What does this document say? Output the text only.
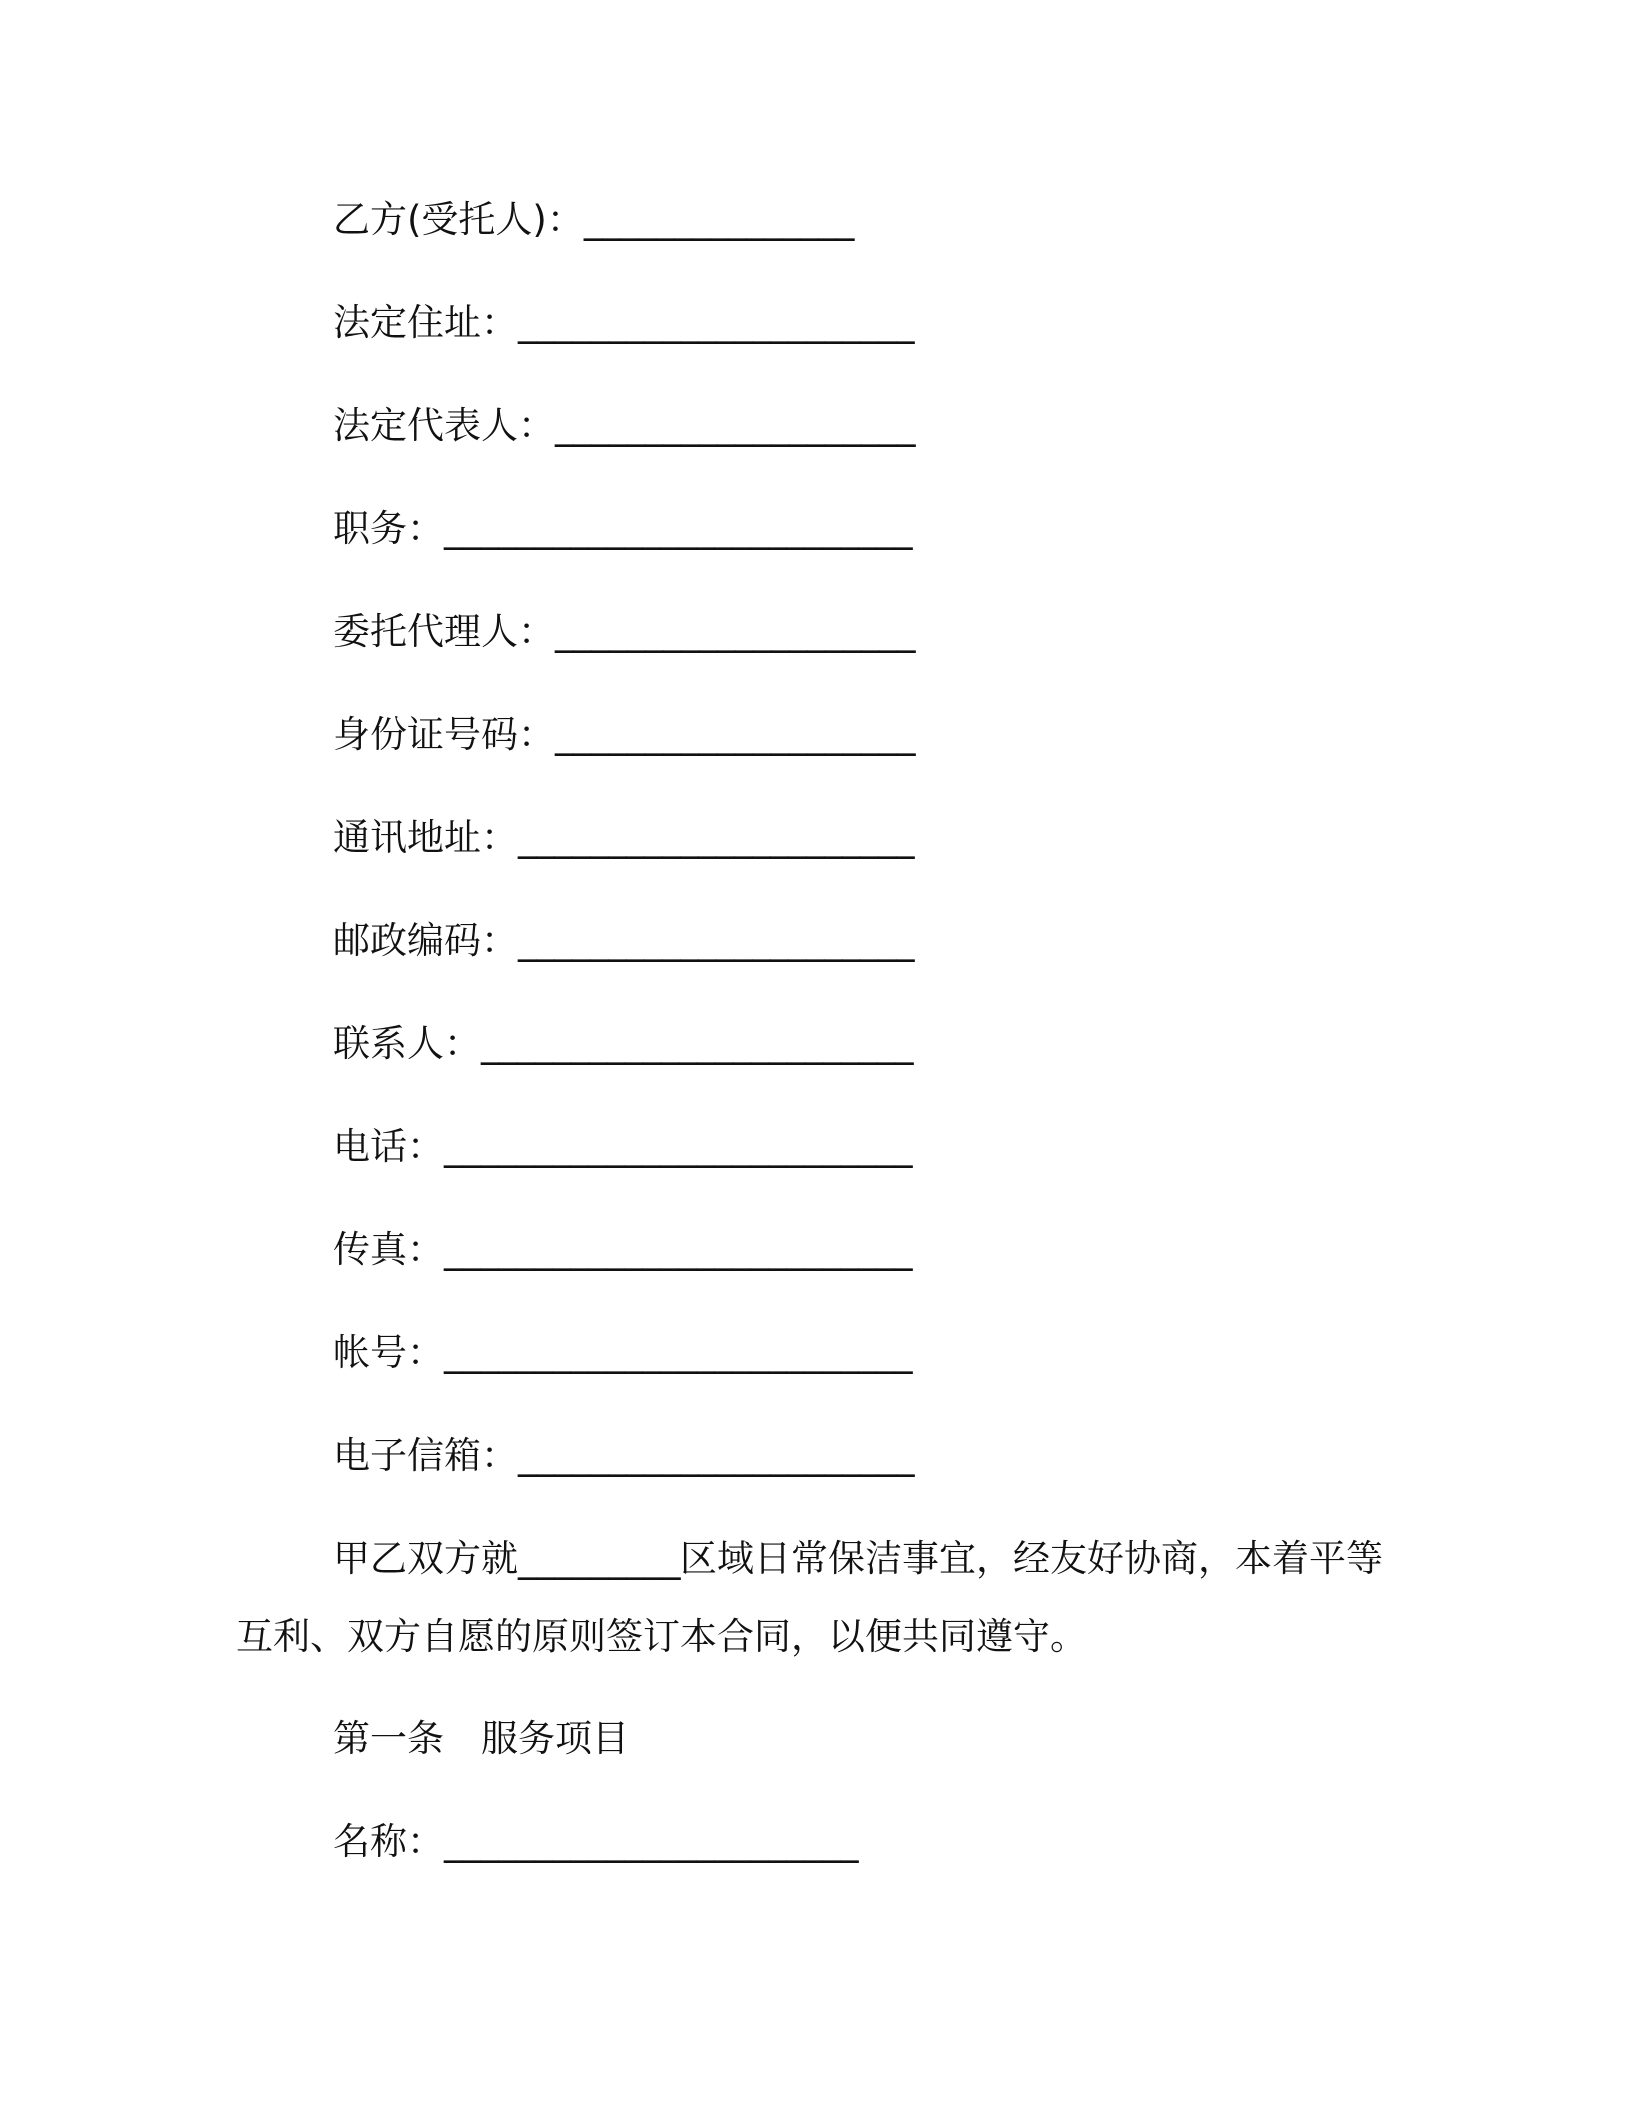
乙方(受托人)：_______________
法定住址：______________________
法定代表人：____________________
职务：__________________________
委托代理人：____________________
身份证号码：____________________
通讯地址：______________________
邮政编码：______________________
联系人：________________________
电话：__________________________
传真：__________________________
帐号：__________________________
电子信箱：______________________
甲乙双方就_________区域日常保洁事宜，经友好协商，本着平等互利、双方自愿的原则签订本合同，以便共同遵守。
第一条　服务项目
名称：_______________________
